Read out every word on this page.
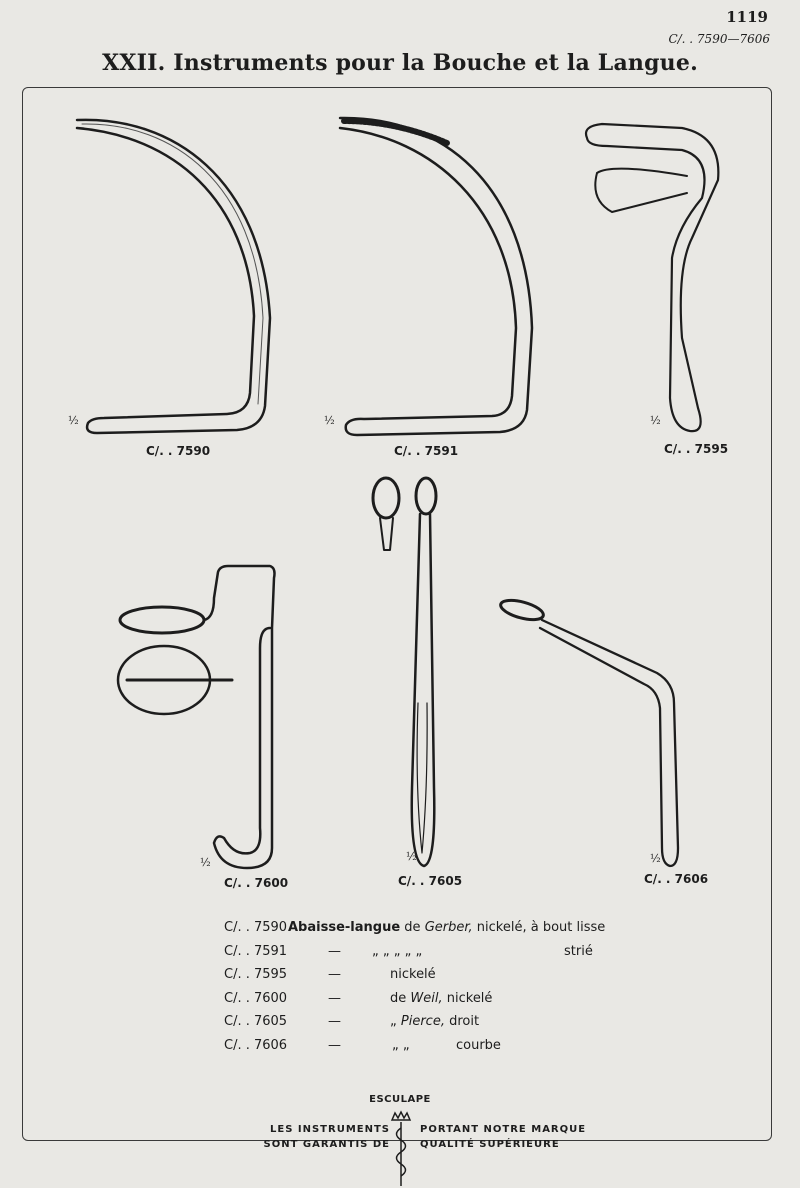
1119
C/. . 7590—7606
XXII. Instruments pour la Bouche et la Langue.
C/. . 7590	C/. . 7591	C/. . 7595
C/. . 7600	C/. . 7605	C/. . 7606
½	½	½
½	½	½
C/. . 7590 Abaisse-langue de Gerber, nickelé, à bout lisse
C/. . 7591	— „ „ „ „ „	strié
C/. . 7595	—	nickelé
C/. . 7600	—	de Weil, nickelé
C/. . 7605	—	„ Pierce, droit
C/. . 7606	—	„ „	courbe
ESCULAPE
LES INSTRUMENTS
SONT GARANTIS DE
PORTANT NOTRE MARQUE
QUALITÉ SUPÉRIEURE
